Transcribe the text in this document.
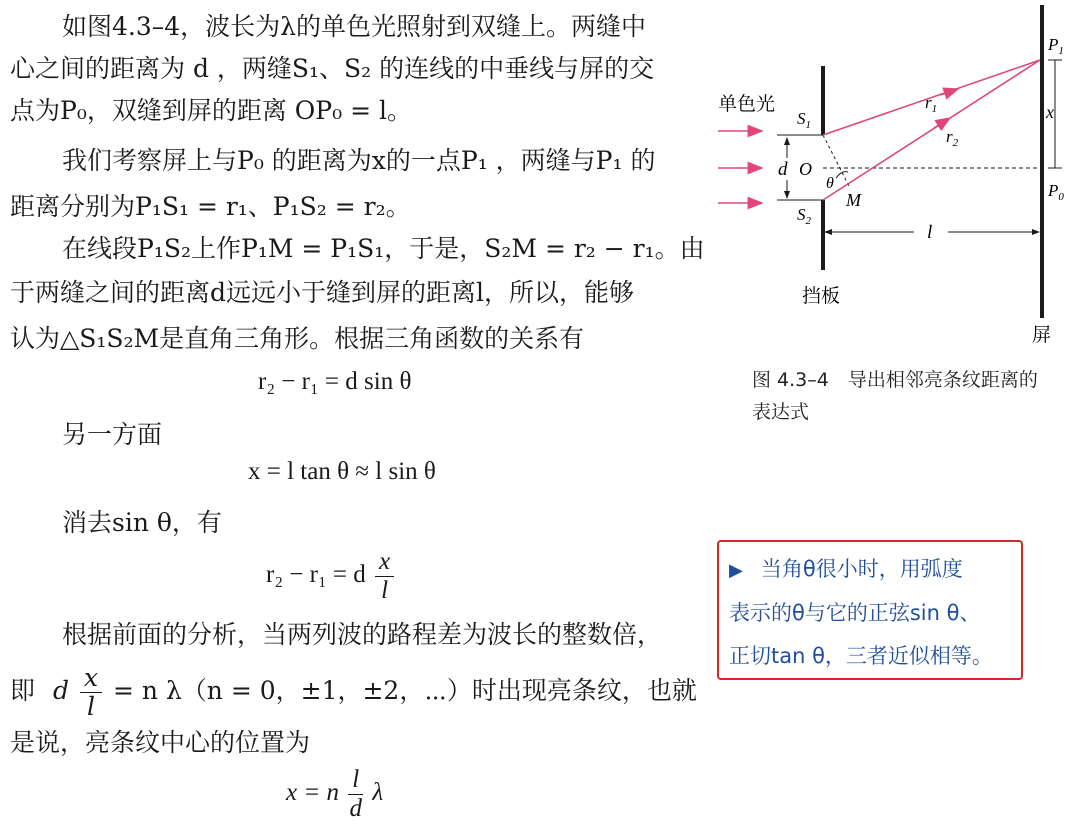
如图4.3–4，波长为λ的单色光照射到双缝上。两缝中
心之间的距离为 d ，两缝S₁、S₂ 的连线的中垂线与屏的交
点为P₀，双缝到屏的距离 OP₀ = l。
我们考察屏上与P₀ 的距离为x的一点P₁ ，两缝与P₁ 的
距离分别为P₁S₁ = r₁、P₁S₂ = r₂。
在线段P₁S₂上作P₁M = P₁S₁，于是，S₂M = r₂ − r₁。由
于两缝之间的距离d远远小于缝到屏的距离l，所以，能够
认为△S₁S₂M是直角三角形。根据三角函数的关系有
r₂ − r₁ = d sin θ
另一方面
x = l tan θ ≈ l sin θ
消去sin θ，有
r₂ − r₁ = d $\frac{x}{l}$
根据前面的分析，当两列波的路程差为波长的整数倍，
即 d $\frac{x}{l} = n$ λ（n = 0，±1，±2，⋯）时出现亮条纹，也就
是说，亮条纹中心的位置为
x = n $\frac{l}{d}$ λ
单色光
$S_1$
$S_2$
d O
θ
M
$r_1$
$r_2$
x
$P_1$
$P_0$
l
挡板
屏
图 4.3–4　导出相邻亮条纹距离的
表达式
▶ 当角θ很小时，用弧度
表示的θ与它的正弦sin θ、
正切tan θ，三者近似相等。
